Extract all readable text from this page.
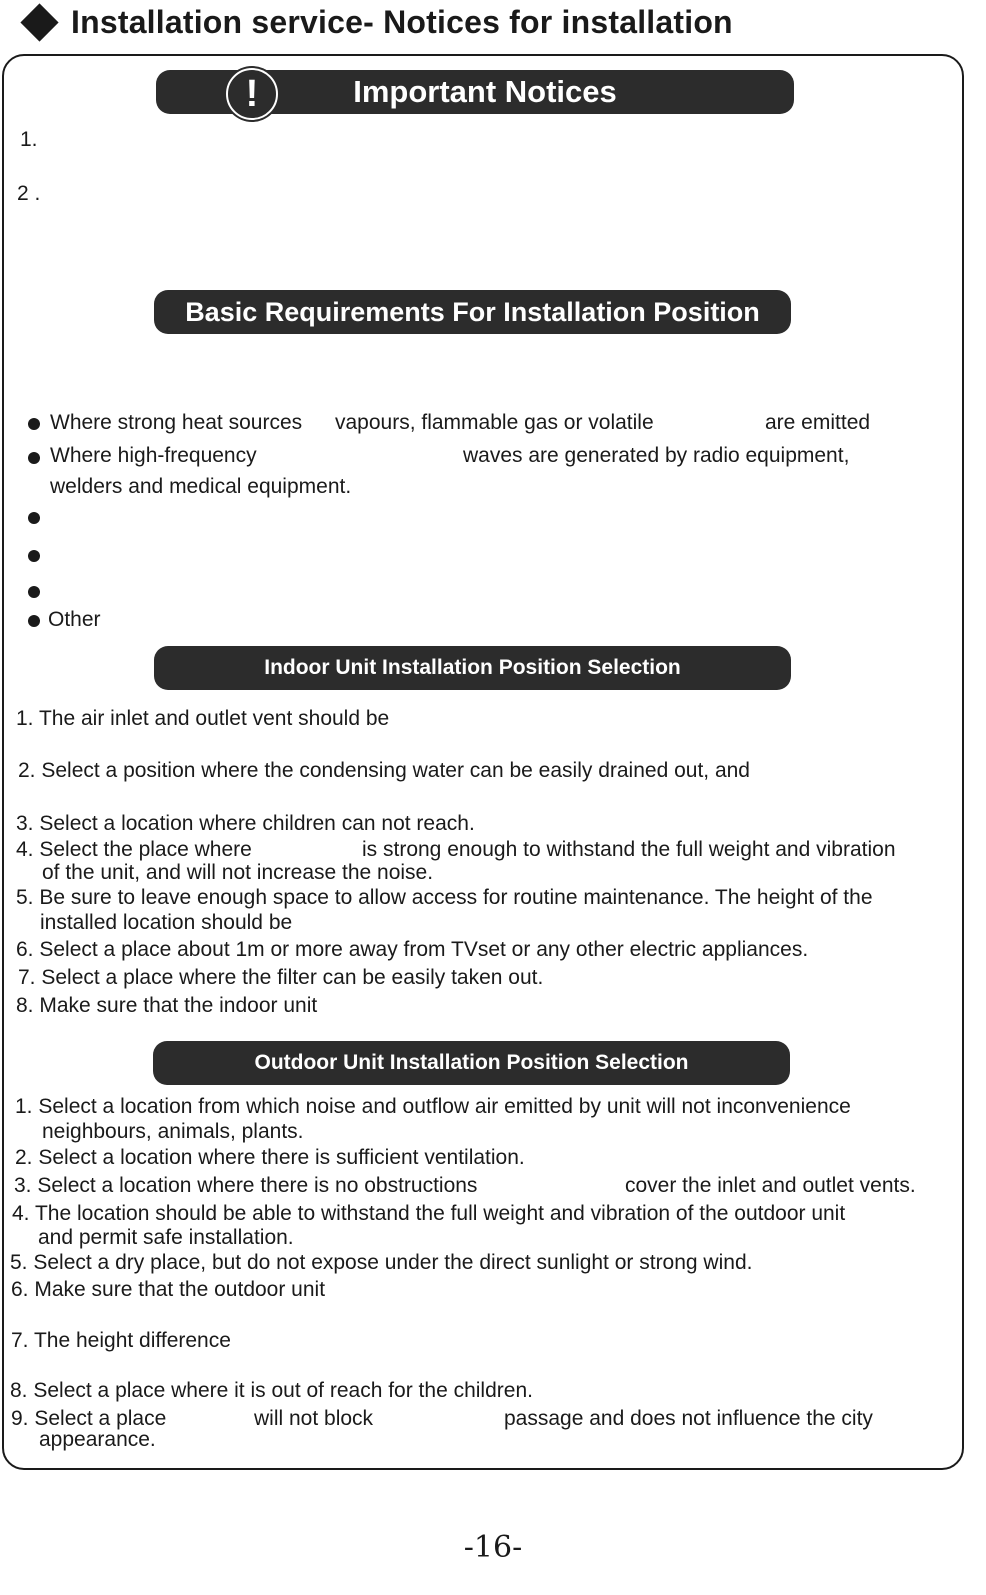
Installation service- Notices for installation
!	Important Notices
1.
2 .
Basic Requirements For Installation Position
Where strong heat sources vapours, flammable gas or volatile	are emitted
Where high-frequency	waves are generated by radio equipment,
welders and medical equipment.
Other
Indoor Unit Installation Position Selection
1. The air inlet and outlet vent should be
2. Select a position where the condensing water can be easily drained out, and
3. Select a location where children can not reach.
4. Select the place where	is strong enough to withstand the full weight and vibration
of the unit, and will not increase the noise.
5. Be sure to leave enough space to allow access for routine maintenance. The height of the
installed location should be
6. Select a place about 1m or more away from TVset or any other electric appliances.
7. Select a place where the filter can be easily taken out.
8. Make sure that the indoor unit
Outdoor Unit Installation Position Selection
1. Select a location from which noise and outflow air emitted by unit will not inconvenience
neighbours, animals, plants.
2. Select a location where there is sufficient ventilation.
3. Select a location where there is no obstructions	cover the inlet and outlet vents.
4. The location should be able to withstand the full weight and vibration of the outdoor unit
and permit safe installation.
5. Select a dry place, but do not expose under the direct sunlight or strong wind.
6. Make sure that the outdoor unit
7. The height difference
8. Select a place where it is out of reach for the children.
9. Select a place	will not block	passage and does not influence the city
appearance.
-16-
